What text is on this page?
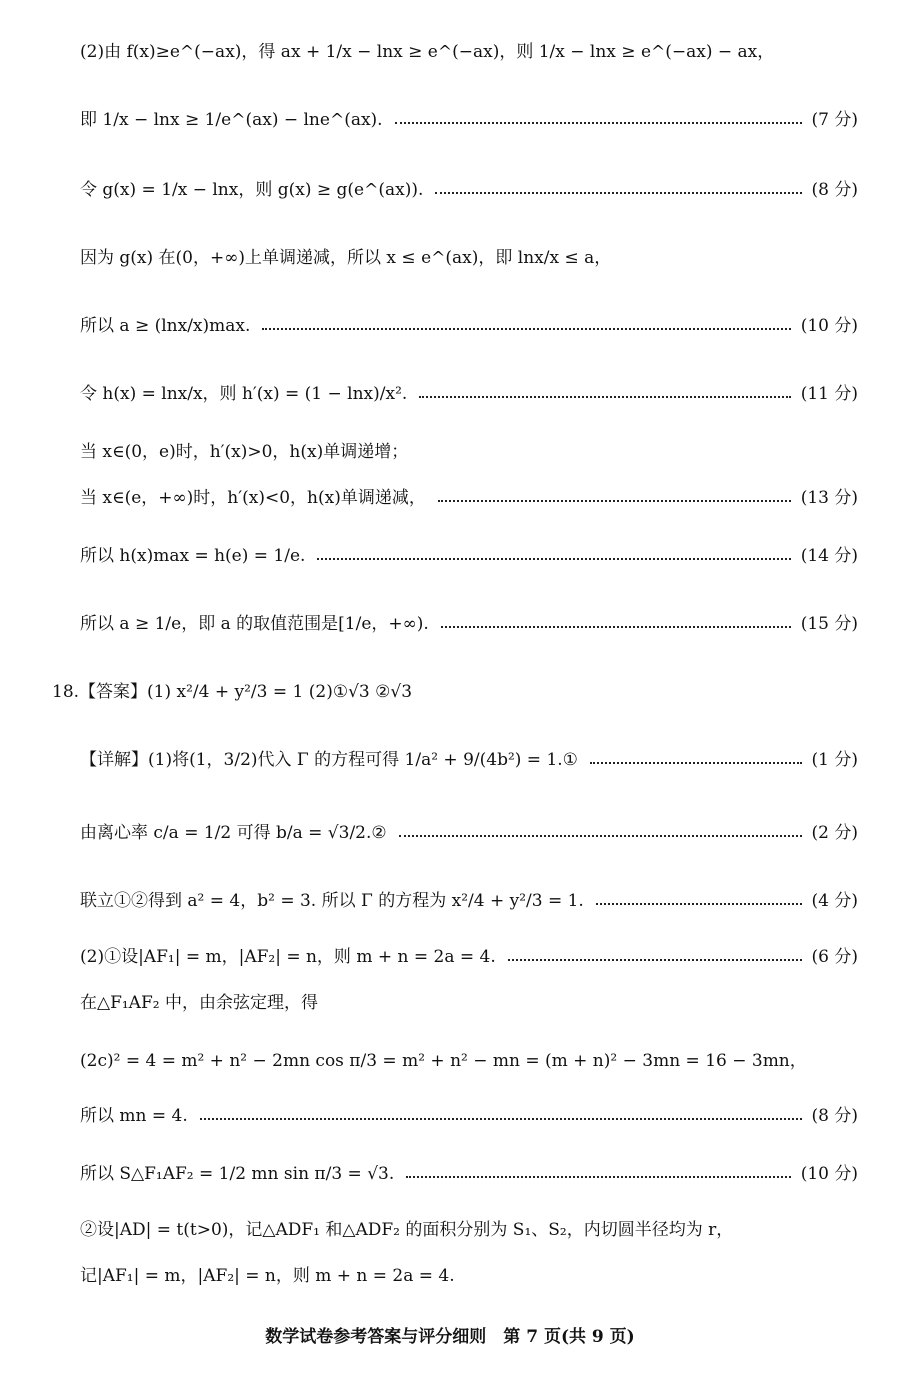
(2)由 f(x)≥e^(−ax)，得 ax + 1/x − lnx ≥ e^(−ax)，则 1/x − lnx ≥ e^(−ax) − ax，
即 1/x − lnx ≥ 1/e^(ax) − lne^(ax).	(7 分)
令 g(x) = 1/x − lnx，则 g(x) ≥ g(e^(ax)).	(8 分)
因为 g(x) 在(0，+∞)上单调递减，所以 x ≤ e^(ax)，即 lnx/x ≤ a，
所以 a ≥ (lnx/x)max.	(10 分)
令 h(x) = lnx/x，则 h′(x) = (1 − lnx)/x².	(11 分)
当 x∈(0，e)时，h′(x)>0，h(x)单调递增；
当 x∈(e，+∞)时，h′(x)<0，h(x)单调递减，	(13 分)
所以 h(x)max = h(e) = 1/e.	(14 分)
所以 a ≥ 1/e，即 a 的取值范围是[1/e，+∞).	(15 分)
18.【答案】(1) x²/4 + y²/3 = 1 (2)①√3 ②√3
【详解】(1)将(1，3/2)代入 Γ 的方程可得 1/a² + 9/(4b²) = 1.①	(1 分)
由离心率 c/a = 1/2 可得 b/a = √3/2.②	(2 分)
联立①②得到 a² = 4，b² = 3. 所以 Γ 的方程为 x²/4 + y²/3 = 1.	(4 分)
(2)①设|AF₁| = m，|AF₂| = n，则 m + n = 2a = 4.	(6 分)
在△F₁AF₂ 中，由余弦定理，得
(2c)² = 4 = m² + n² − 2mn cos π/3 = m² + n² − mn = (m + n)² − 3mn = 16 − 3mn，
所以 mn = 4.	(8 分)
所以 S△F₁AF₂ = 1/2 mn sin π/3 = √3.	(10 分)
②设|AD| = t(t>0)，记△ADF₁ 和△ADF₂ 的面积分别为 S₁、S₂，内切圆半径均为 r，
记|AF₁| = m，|AF₂| = n，则 m + n = 2a = 4.
数学试卷参考答案与评分细则　第 7 页(共 9 页)
